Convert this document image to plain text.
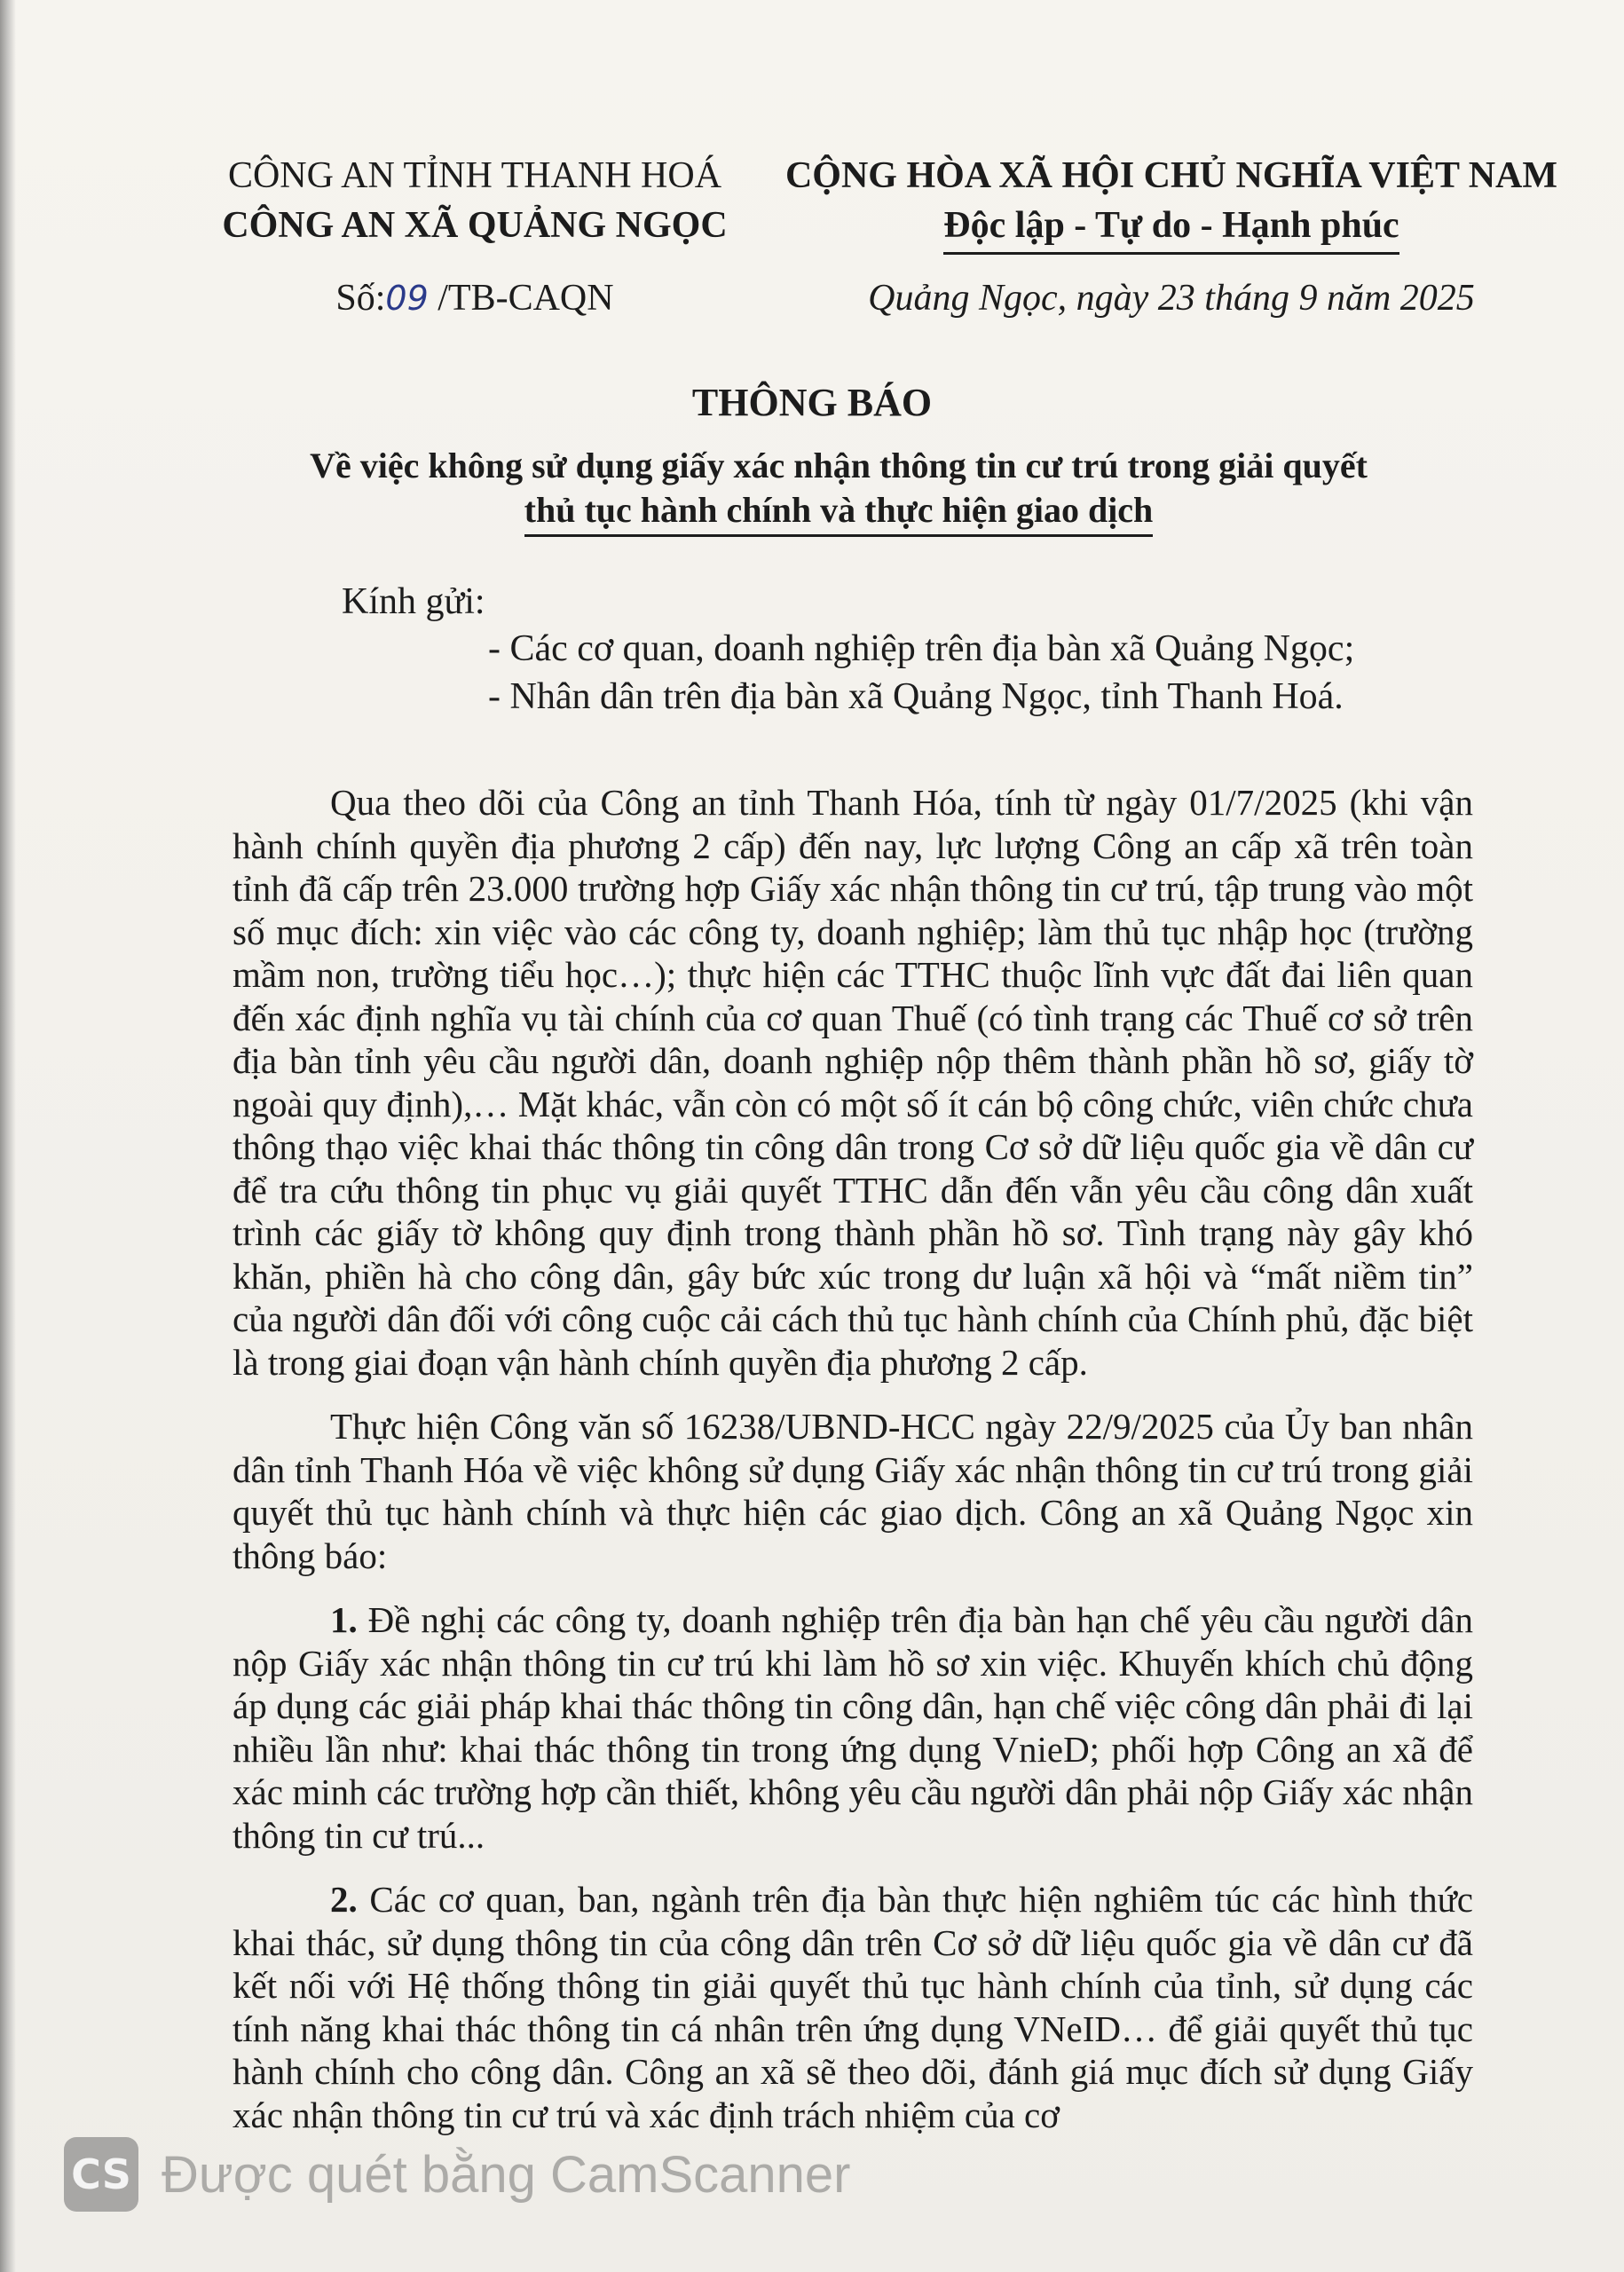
CÔNG AN TỈNH THANH HOÁ
CÔNG AN XÃ QUẢNG NGỌC
CỘNG HÒA XÃ HỘI CHỦ NGHĨA VIỆT NAM
Độc lập - Tự do - Hạnh phúc
Số:09 /TB-CAQN	Quảng Ngọc, ngày 23 tháng 9 năm 2025
THÔNG BÁO
Về việc không sử dụng giấy xác nhận thông tin cư trú trong giải quyết
thủ tục hành chính và thực hiện giao dịch
Kính gửi:
- Các cơ quan, doanh nghiệp trên địa bàn xã Quảng Ngọc;
- Nhân dân trên địa bàn xã Quảng Ngọc, tỉnh Thanh Hoá.

Qua theo dõi của Công an tỉnh Thanh Hóa, tính từ ngày 01/7/2025 (khi vận hành chính quyền địa phương 2 cấp) đến nay, lực lượng Công an cấp xã trên toàn tỉnh đã cấp trên 23.000 trường hợp Giấy xác nhận thông tin cư trú, tập trung vào một số mục đích: xin việc vào các công ty, doanh nghiệp; làm thủ tục nhập học (trường mầm non, trường tiểu học…); thực hiện các TTHC thuộc lĩnh vực đất đai liên quan đến xác định nghĩa vụ tài chính của cơ quan Thuế (có tình trạng các Thuế cơ sở trên địa bàn tỉnh yêu cầu người dân, doanh nghiệp nộp thêm thành phần hồ sơ, giấy tờ ngoài quy định),… Mặt khác, vẫn còn có một số ít cán bộ công chức, viên chức chưa thông thạo việc khai thác thông tin công dân trong Cơ sở dữ liệu quốc gia về dân cư để tra cứu thông tin phục vụ giải quyết TTHC dẫn đến vẫn yêu cầu công dân xuất trình các giấy tờ không quy định trong thành phần hồ sơ. Tình trạng này gây khó khăn, phiền hà cho công dân, gây bức xúc trong dư luận xã hội và “mất niềm tin” của người dân đối với công cuộc cải cách thủ tục hành chính của Chính phủ, đặc biệt là trong giai đoạn vận hành chính quyền địa phương 2 cấp.

Thực hiện Công văn số 16238/UBND-HCC ngày 22/9/2025 của Ủy ban nhân dân tỉnh Thanh Hóa về việc không sử dụng Giấy xác nhận thông tin cư trú trong giải quyết thủ tục hành chính và thực hiện các giao dịch. Công an xã Quảng Ngọc xin thông báo:

1. Đề nghị các công ty, doanh nghiệp trên địa bàn hạn chế yêu cầu người dân nộp Giấy xác nhận thông tin cư trú khi làm hồ sơ xin việc. Khuyến khích chủ động áp dụng các giải pháp khai thác thông tin công dân, hạn chế việc công dân phải đi lại nhiều lần như: khai thác thông tin trong ứng dụng VnieD; phối hợp Công an xã để xác minh các trường hợp cần thiết, không yêu cầu người dân phải nộp Giấy xác nhận thông tin cư trú...

2. Các cơ quan, ban, ngành trên địa bàn thực hiện nghiêm túc các hình thức khai thác, sử dụng thông tin của công dân trên Cơ sở dữ liệu quốc gia về dân cư đã kết nối với Hệ thống thông tin giải quyết thủ tục hành chính của tỉnh, sử dụng các tính năng khai thác thông tin cá nhân trên ứng dụng VNeID… để giải quyết thủ tục hành chính cho công dân. Công an xã sẽ theo dõi, đánh giá mục đích sử dụng Giấy xác nhận thông tin cư trú và xác định trách nhiệm của cơ

CS Được quét bằng CamScanner
